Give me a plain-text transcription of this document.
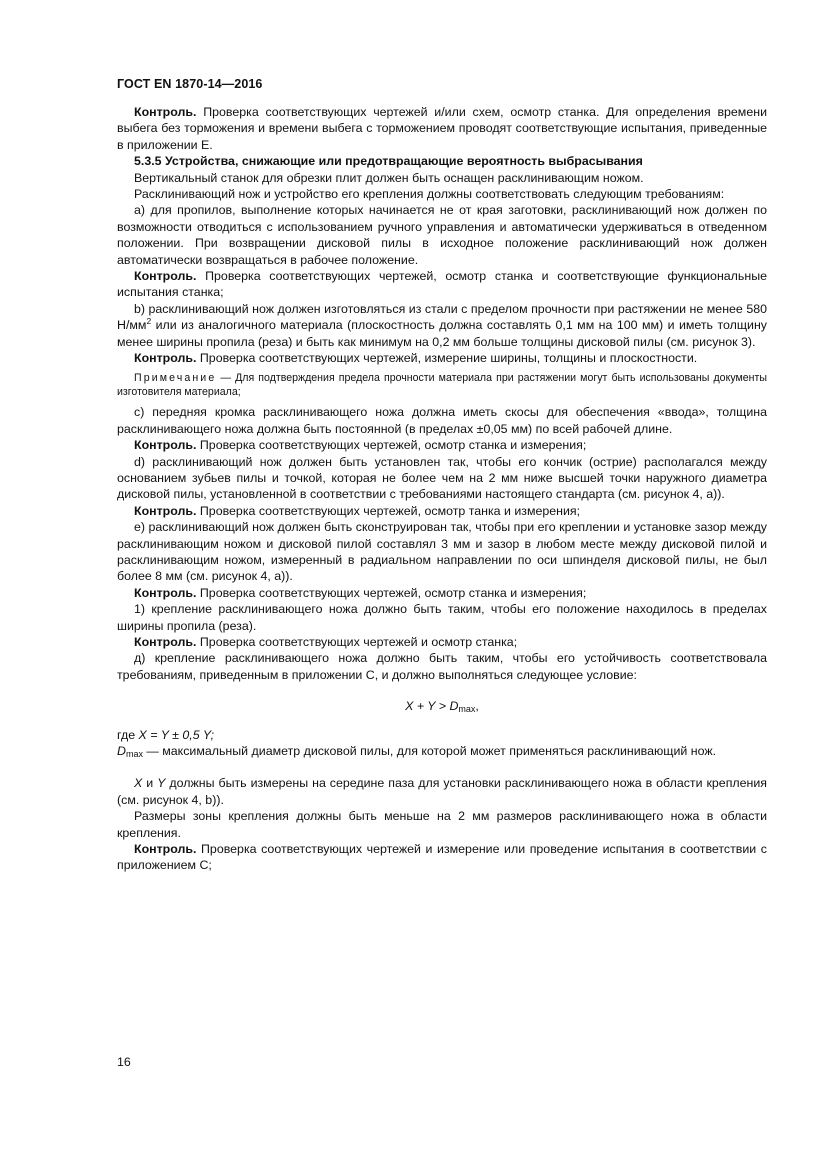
ГОСТ EN 1870-14—2016

Контроль. Проверка соответствующих чертежей и/или схем, осмотр станка. Для определения времени выбега без торможения и времени выбега с торможением проводят соответствующие испытания, приведенные в приложении Е.

5.3.5 Устройства, снижающие или предотвращающие вероятность выбрасывания

Вертикальный станок для обрезки плит должен быть оснащен расклинивающим ножом.

Расклинивающий нож и устройство его крепления должны соответствовать следующим требованиям:

а) для пропилов, выполнение которых начинается не от края заготовки, расклинивающий нож должен по возможности отводиться с использованием ручного управления и автоматически удерживаться в отведенном положении. При возвращении дисковой пилы в исходное положение расклинивающий нож должен автоматически возвращаться в рабочее положение.

Контроль. Проверка соответствующих чертежей, осмотр станка и соответствующие функциональные испытания станка;

b) расклинивающий нож должен изготовляться из стали с пределом прочности при растяжении не менее 580 $Н/мм^2$ или из аналогичного материала (плоскостность должна составлять 0,1 мм на 100 мм) и иметь толщину менее ширины пропила (реза) и быть как минимум на 0,2 мм больше толщины дисковой пилы (см. рисунок 3).

Контроль. Проверка соответствующих чертежей, измерение ширины, толщины и плоскостности.

Примечание — Для подтверждения предела прочности материала при растяжении могут быть использованы документы изготовителя материала;

с) передняя кромка расклинивающего ножа должна иметь скосы для обеспечения «ввода», толщина расклинивающего ножа должна быть постоянной (в пределах ±0,05 мм) по всей рабочей длине.

Контроль. Проверка соответствующих чертежей, осмотр станка и измерения;

d) расклинивающий нож должен быть установлен так, чтобы его кончик (острие) располагался между основанием зубьев пилы и точкой, которая не более чем на 2 мм ниже высшей точки наружного диаметра дисковой пилы, установленной в соответствии с требованиями настоящего стандарта (см. рисунок 4, а)).

Контроль. Проверка соответствующих чертежей, осмотр танка и измерения;

е) расклинивающий нож должен быть сконструирован так, чтобы при его креплении и установке зазор между расклинивающим ножом и дисковой пилой составлял 3 мм и зазор в любом месте между дисковой пилой и расклинивающим ножом, измеренный в радиальном направлении по оси шпинделя дисковой пилы, не был более 8 мм (см. рисунок 4, а)).

Контроль. Проверка соответствующих чертежей, осмотр станка и измерения;

1) крепление расклинивающего ножа должно быть таким, чтобы его положение находилось в пределах ширины пропила (реза).

Контроль. Проверка соответствующих чертежей и осмотр станка;

д) крепление расклинивающего ножа должно быть таким, чтобы его устойчивость соответствовала требованиям, приведенным в приложении С, и должно выполняться следующее условие:

$X + Y > D_{max}$,

где X = Y ± 0,5 Y;

$D_{max}$ — максимальный диаметр дисковой пилы, для которой может применяться расклинивающий нож.

X и Y должны быть измерены на середине паза для установки расклинивающего ножа в области крепления (см. рисунок 4, b)).

Размеры зоны крепления должны быть меньше на 2 мм размеров расклинивающего ножа в области крепления.

Контроль. Проверка соответствующих чертежей и измерение или проведение испытания в соответствии с приложением С;

16
